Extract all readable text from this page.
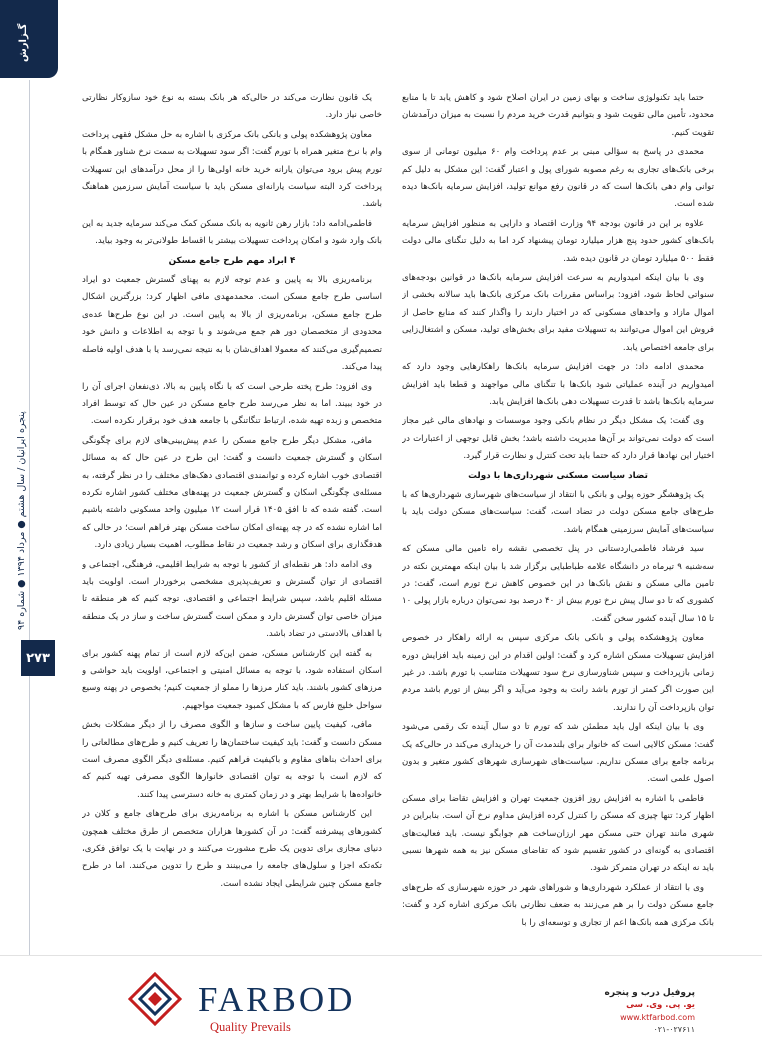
گـزارش
پنجره ایرانیان / سال هشتم ● مرداد ۱۳۹۴ ● شماره ۹۴
۲۷۳

حتما باید تکنولوژی ساخت و بهای زمین در ایران اصلاح شود و کاهش یابد تا با منابع محدود، تأمین مالی تقویت شود و بتوانیم قدرت خرید مردم را نسبت به میزان درآمدشان تقویت کنیم.

محمدی در پاسخ به سؤالی مبنی بر عدم پرداخت وام ۶۰ میلیون تومانی از سوی برخی بانک‌های تجاری به رغم مصوبه شورای پول و اعتبار گفت: این مشکل به دلیل کم توانی وام دهی بانک‌ها است که در قانون رفع موانع تولید، افزایش سرمایه بانک‌ها دیده شده است.

علاوه بر این در قانون بودجه ۹۴ وزارت اقتصاد و دارایی به منظور افزایش سرمایه بانک‌های کشور حدود پنج هزار میلیارد تومان پیشنهاد کرد اما به دلیل تنگنای مالی دولت فقط ۵۰۰ میلیارد تومان در قانون دیده شد.

وی با بیان اینکه امیدواریم به سرعت افزایش سرمایه بانک‌ها در قوانین بودجه‌های سنواتی لحاظ شود، افزود: براساس مقررات بانک مرکزی بانک‌ها باید سالانه بخشی از اموال مازاد و واحدهای مسکونی که در اختیار دارند را واگذار کنند که منابع حاصل از فروش این اموال می‌توانند به تسهیلات مفید برای بخش‌های تولید، مسکن و اشتغال‌زایی برای جامعه اختصاص یابد.

محمدی ادامه داد: در جهت افزایش سرمایه بانک‌ها راهکارهایی وجود دارد که امیدواریم در آینده عملیاتی شود بانک‌ها با تنگنای مالی مواجهند و قطعا باید افزایش سرمایه بانک‌ها باشد تا قدرت تسهیلات دهی بانک‌ها افزایش یابد.

وی گفت: یک مشکل دیگر در نظام بانکی وجود موسسات و نهادهای مالی غیر مجاز است که دولت نمی‌تواند بر آن‌ها مدیریت داشته باشد؛ بخش قابل توجهی از اعتبارات در اختیار این نهادها قرار دارد که حتما باید تحت کنترل و نظارت قرار گیرد.

تضاد سیاست مسکنی شهرداری‌ها با دولت

یک پژوهشگر حوزه پولی و بانکی با انتقاد از سیاست‌های شهرسازی شهرداری‌ها که با طرح‌های جامع مسکن دولت در تضاد است، گفت: سیاست‌های مسکن دولت باید با سیاست‌های آمایش سرزمینی همگام باشد.

سید فرشاد فاطمی‌اردستانی در پنل تخصصی نقشه راه تامین مالی مسکن که سه‌شنبه ۹ تیرماه در دانشگاه علامه طباطبایی برگزار شد با بیان اینکه مهمترین نکته در تامین مالی مسکن و نقش بانک‌ها در این خصوص کاهش نرخ تورم است، گفت: در کشوری که تا دو سال پیش نرخ تورم بیش از ۴۰ درصد بود نمی‌توان درباره بازار پولی ۱۰ تا ۱۵ سال آینده کشور سخن گفت.

معاون پژوهشکده پولی و بانکی بانک مرکزی سپس به ارائه راهکار در خصوص افزایش تسهیلات مسکن اشاره کرد و گفت: اولین اقدام در این زمینه باید افزایش دوره زمانی بازپرداخت و سپس شناورسازی نرخ سود تسهیلات متناسب با تورم باشد. در غیر این صورت اگر کمتر از تورم باشد رانت به وجود می‌آید و اگر بیش از تورم باشد مردم توان بازپرداخت آن را ندارند.

وی با بیان اینکه اول باید مطمئن شد که تورم تا دو سال آینده تک رقمی می‌شود گفت: مسکن کالایی است که خانوار برای بلندمدت آن را خریداری می‌کند در حالی‌که یک برنامه جامع برای مسکن نداریم. سیاست‌های شهرسازی شهرهای کشور متغیر و بدون اصول علمی است.

فاطمی با اشاره به افزایش روز افزون جمعیت تهران و افزایش تقاضا برای مسکن اظهار کرد: تنها چیزی که مسکن را کنترل کرده افزایش مداوم نرخ آن است. بنابراین در شهری مانند تهران حتی مسکن مهر ارزان‌ساخت هم جوابگو نیست. باید فعالیت‌های اقتصادی به گونه‌ای در کشور تقسیم شود که تقاضای مسکن نیز به همه شهرها نسبی باید نه اینکه در تهران متمرکز شود.

وی با انتقاد از عملکرد شهرداری‌ها و شوراهای شهر در حوزه شهرسازی که طرح‌های جامع مسکن دولت را بر هم می‌زنند به ضعف نظارتی بانک مرکزی اشاره کرد و گفت: بانک مرکزی همه بانک‌ها اعم از تجاری و توسعه‌ای را با

یک قانون نظارت می‌کند در حالی‌که هر بانک بسته به نوع خود سازوکار نظارتی خاصی نیاز دارد.

معاون پژوهشکده پولی و بانکی بانک مرکزی با اشاره به حل مشکل فقهی پرداخت وام با نرخ متغیر همراه با تورم گفت: اگر سود تسهیلات به سمت نرخ شناور همگام با تورم پیش برود می‌توان یارانه خرید خانه اولی‌ها را از محل درآمدهای این تسهیلات پرداخت کرد البته سیاست یارانه‌ای مسکن باید با سیاست آمایش سرزمین هماهنگ باشد.

فاطمی‌ادامه داد: بازار رهن ثانویه به بانک مسکن کمک می‌کند سرمایه جدید به این بانک وارد شود و امکان پرداخت تسهیلات بیشتر با اقساط طولانی‌تر به وجود بیاید.

۴ ابراد مهم طرح جامع مسکن

برنامه‌ریزی بالا به پایین و عدم توجه لازم به پهنای گسترش جمعیت دو ایراد اساسی طرح جامع مسکن است. محمدمهدی مافی اظهار کرد: بزرگترین اشکال طرح جامع مسکن، برنامه‌ریزی از بالا به پایین است. در این نوع طرح‌ها عده‌ی محدودی از متخصصان دور هم جمع می‌شوند و با توجه به اطلاعات و دانش خود تصمیم‌گیری می‌کنند که معمولا اهداف‌شان با به نتیجه نمی‌رسد یا با هدف اولیه فاصله پیدا می‌کند.

وی افزود: طرح پخته طرحی است که با نگاه پایین به بالا، ذی‌نفعان اجرای آن را در خود ببیند. اما به نظر می‌رسد طرح جامع مسکن در عین حال که توسط افراد متخصص و زبده تهیه شده، ارتباط تنگاتنگی با جامعه هدف خود برقرار نکرده است.

مافی، مشکل دیگر طرح جامع مسکن را عدم پیش‌بینی‌های لازم برای چگونگی اسکان و گسترش جمعیت دانست و گفت: این طرح در عین حال که به مسائل اقتصادی خوب اشاره کرده و توانمندی اقتصادی دهک‌های مختلف را در نظر گرفته، به مسئله‌ی چگونگی اسکان و گسترش جمعیت در پهنه‌های مختلف کشور اشاره نکرده است. گفته شده که تا افق ۱۴۰۵ قرار است ۱۲ میلیون واحد مسکونی داشته باشیم اما اشاره نشده که در چه پهنه‌ای امکان ساخت مسکن بهتر فراهم است؛ در حالی که هدفگذاری برای اسکان و رشد جمعیت در نقاط مطلوب، اهمیت بسیار زیادی دارد.

وی ادامه داد: هر نقطه‌ای از کشور با توجه به شرایط اقلیمی، فرهنگی، اجتماعی و اقتصادی از توان گسترش و تعریف‌پذیری مشخصی برخوردار است. اولویت باید مسئله اقلیم باشد، سپس شرایط اجتماعی و اقتصادی. توجه کنیم که هر منطقه تا میزان خاصی توان گسترش دارد و ممکن است گسترش ساخت و ساز در یک منطقه با اهداف بالادستی در تضاد باشد.

به گفته این کارشناس مسکن، ضمن این‌که لازم است از تمام پهنه کشور برای اسکان استفاده شود، با توجه به مسائل امنیتی و اجتماعی، اولویت باید حواشی و مرزهای کشور باشند. باید کنار مرزها را مملو از جمعیت کنیم؛ بخصوص در پهنه وسیع سواحل خلیج فارس که با مشکل کمبود جمعیت مواجهیم.

مافی، کیفیت پایین ساخت و سازها و الگوی مصرف را از دیگر مشکلات بخش مسکن دانست و گفت: باید کیفیت ساختمان‌ها را تعریف کنیم و طرح‌های مطالعاتی را برای احداث بناهای مقاوم و باکیفیت فراهم کنیم. مسئله‌ی دیگر الگوی مصرف است که لازم است با توجه به توان اقتصادی خانوارها الگوی مصرفی تهیه کنیم که خانواده‌ها با شرایط بهتر و در زمان کمتری به خانه دسترسی پیدا کنند.

این کارشناس مسکن با اشاره به برنامه‌ریزی برای طرح‌های جامع و کلان در کشورهای پیشرفته گفت: در آن کشورها هزاران متخصص از طرق مختلف همچون دنیای مجازی برای تدوین یک طرح مشورت می‌کنند و در نهایت با یک توافق فکری، تکه‌تکه اجزا و سلول‌های جامعه را می‌بینند و طرح را تدوین می‌کنند. اما در طرح جامع مسکن چنین شرایطی ایجاد نشده است.

FARBOD
Quality Prevails
پروفیل درب و پنجره
یو. پی. وی. سی
www.ktfarbod.com
۰۲۱-۰۲۷۶۱۱
